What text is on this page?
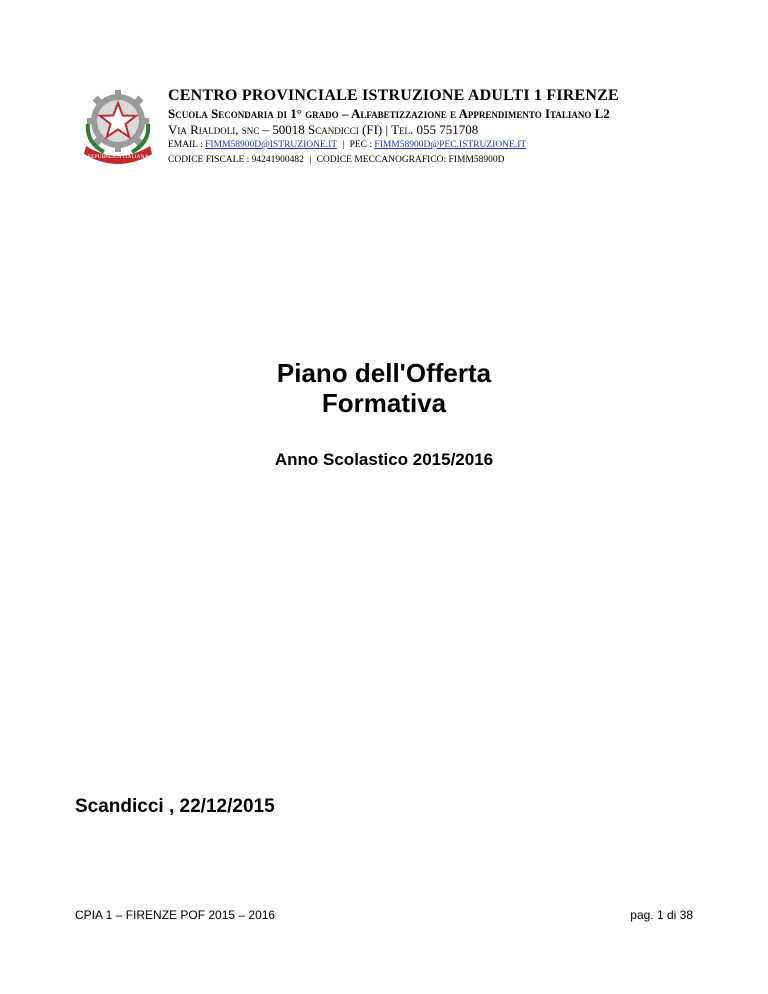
REPUBBLICA ITALIANA
CENTRO PROVINCIALE ISTRUZIONE ADULTI 1 FIRENZE
Scuola Secondaria di 1° grado – Alfabetizzazione e Apprendimento Italiano L2
Via Rialdoli, snc – 50018 Scandicci (FI) | Tel. 055 751708
EMAIL : FIMM58900D@ISTRUZIONE.IT | PEC : FIMM58900D@PEC.ISTRUZIONE.IT
CODICE FISCALE : 94241900482 | CODICE MECCANOGRAFICO: FIMM58900D
Piano dell'Offerta
Formativa
Anno Scolastico 2015/2016
Scandicci , 22/12/2015
CPIA 1 – FIRENZE POF 2015 – 2016	pag. 1 di 38
